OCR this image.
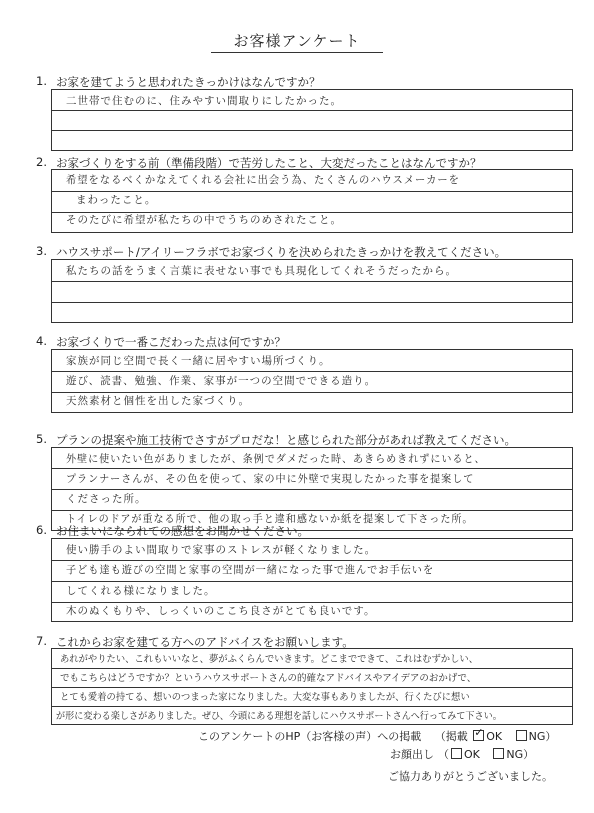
お客様アンケート
1. お家を建てようと思われたきっかけはなんですか？
二世帯で住むのに、住みやすい間取りにしたかった。
2. お家づくりをする前（準備段階）で苦労したこと、大変だったことはなんですか？
希望をなるべくかなえてくれる会社に出会う為、たくさんのハウスメーカーを
まわったこと。
そのたびに希望が私たちの中でうちのめされたこと。
3. ハウスサポート/アイリーフラボでお家づくりを決められたきっかけを教えてください。
私たちの話をうまく言葉に表せない事でも具現化してくれそうだったから。
4. お家づくりで一番こだわった点は何ですか？
家族が同じ空間で長く一緒に居やすい場所づくり。
遊び、読書、勉強、作業、家事が一つの空間でできる造り。
天然素材と個性を出した家づくり。
5. プランの提案や施工技術でさすがプロだな！と感じられた部分があれば教えてください。
外壁に使いたい色がありましたが、条例でダメだった時、あきらめきれずにいると、
プランナーさんが、その色を使って、家の中に外壁で実現したかった事を提案して
くださった所。
トイレのドアが重なる所で、他の取っ手と違和感ないか紙を提案して下さった所。
6. お住まいになられての感想をお聞かせください。
使い勝手のよい間取りで家事のストレスが軽くなりました。
子ども達も遊びの空間と家事の空間が一緒になった事で進んでお手伝いを
してくれる様になりました。
木のぬくもりや、しっくいのここち良さがとても良いです。
7. これからお家を建てる方へのアドバイスをお願いします。
あれがやりたい、これもいいなと、夢がふくらんでいきます。どこまでできて、これはむずかしい、
でもこちらはどうですか？というハウスサポートさんの的確なアドバイスやアイデアのおかげで、
とても愛着の持てる、想いのつまった家になりました。大変な事もありましたが、行くたびに想い
が形に変わる楽しさがありました。ぜひ、今頭にある理想を話しにハウスサポートさんへ行ってみて下さい。
このアンケートのHP（お客様の声）への掲載 （掲載 ✓ OK NG）
お顔出し （ OK NG）
ご協力ありがとうございました。
